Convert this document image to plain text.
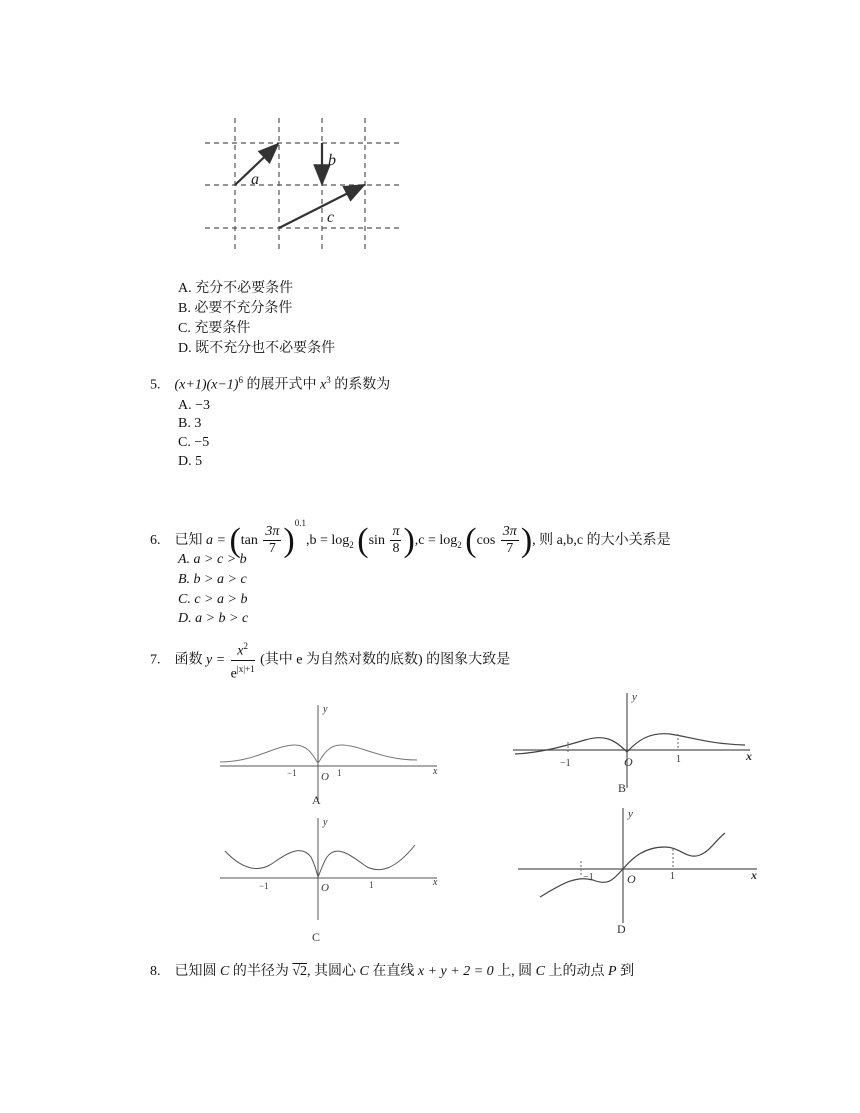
a
b
c
A. 充分不必要条件
B. 必要不充分条件
C. 充要条件
D. 既不充分也不必要条件
5. $(x+1)(x-1)^6$ 的展开式中 $x^3$ 的系数为
A. −3
B. 3
C. −5
D. 5
6. 已知 $a = (\tan \frac{3\pi}{7} )^{0.1},b = \log_2 (\sin \frac{\pi}{8} ),c = \log_2 (\cos \frac{3\pi}{7}$ ), 则 a,b,c 的大小关系是
A. a > c > b
B. b > a > c
C. c > a > b
D. a > b > c
7. 函数 $y = \frac{x^2}{e^{|x|+1}}$ (其中 e 为自然对数的底数) 的图象大致是
y
x
O
−1	1
A
y
x
O
−1	1
B
y
x
O
−1	1
C
y
x
O
−1	1
D
8. 已知圆 C 的半径为 √2, 其圆心 C 在直线 x + y + 2 = 0 上, 圆 C 上的动点 P 到
